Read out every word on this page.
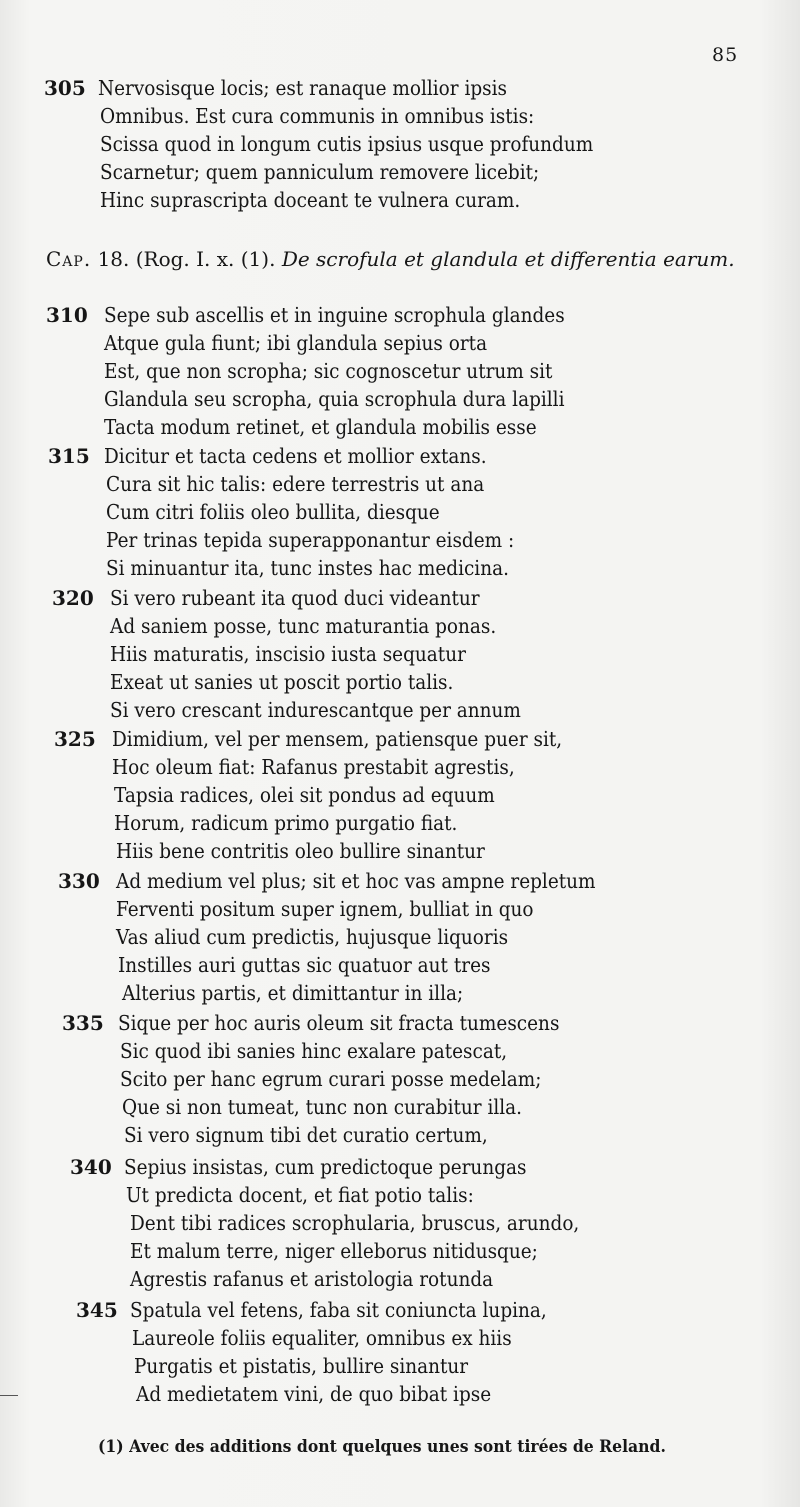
85
305 Nervosisque locis; est ranaque mollior ipsis
Omnibus. Est cura communis in omnibus istis:
Scissa quod in longum cutis ipsius usque profundum
Scarnetur; quem panniculum removere licebit;
Hinc suprascripta doceant te vulnera curam.
Cap. 18. (Rog. I. x. (1). De scrofula et glandula et differentia earum.
310 Sepe sub ascellis et in inguine scrophula glandes
Atque gula fiunt; ibi glandula sepius orta
Est, que non scropha; sic cognoscetur utrum sit
Glandula seu scropha, quia scrophula dura lapilli
Tacta modum retinet, et glandula mobilis esse
315 Dicitur et tacta cedens et mollior extans.
Cura sit hic talis: edere terrestris ut ana
Cum citri foliis oleo bullita, diesque
Per trinas tepida superapponantur eisdem :
Si minuantur ita, tunc instes hac medicina.
320 Si vero rubeant ita quod duci videantur
Ad saniem posse, tunc maturantia ponas.
Hiis maturatis, inscisio iusta sequatur
Exeat ut sanies ut poscit portio talis.
Si vero crescant indurescantque per annum
325 Dimidium, vel per mensem, patiensque puer sit,
Hoc oleum fiat: Rafanus prestabit agrestis,
Tapsia radices, olei sit pondus ad equum
Horum, radicum primo purgatio fiat.
Hiis bene contritis oleo bullire sinantur
330 Ad medium vel plus; sit et hoc vas ampne repletum
Ferventi positum super ignem, bulliat in quo
Vas aliud cum predictis, hujusque liquoris
Instilles auri guttas sic quatuor aut tres
Alterius partis, et dimittantur in illa;
335 Sique per hoc auris oleum sit fracta tumescens
Sic quod ibi sanies hinc exalare patescat,
Scito per hanc egrum curari posse medelam;
Que si non tumeat, tunc non curabitur illa.
Si vero signum tibi det curatio certum,
340 Sepius insistas, cum predictoque perungas
Ut predicta docent, et fiat potio talis:
Dent tibi radices scrophularia, bruscus, arundo,
Et malum terre, niger elleborus nitidusque;
Agrestis rafanus et aristologia rotunda
345 Spatula vel fetens, faba sit coniuncta lupina,
Laureole foliis equaliter, omnibus ex hiis
Purgatis et pistatis, bullire sinantur
Ad medietatem vini, de quo bibat ipse
(1) Avec des additions dont quelques unes sont tirées de Reland.
